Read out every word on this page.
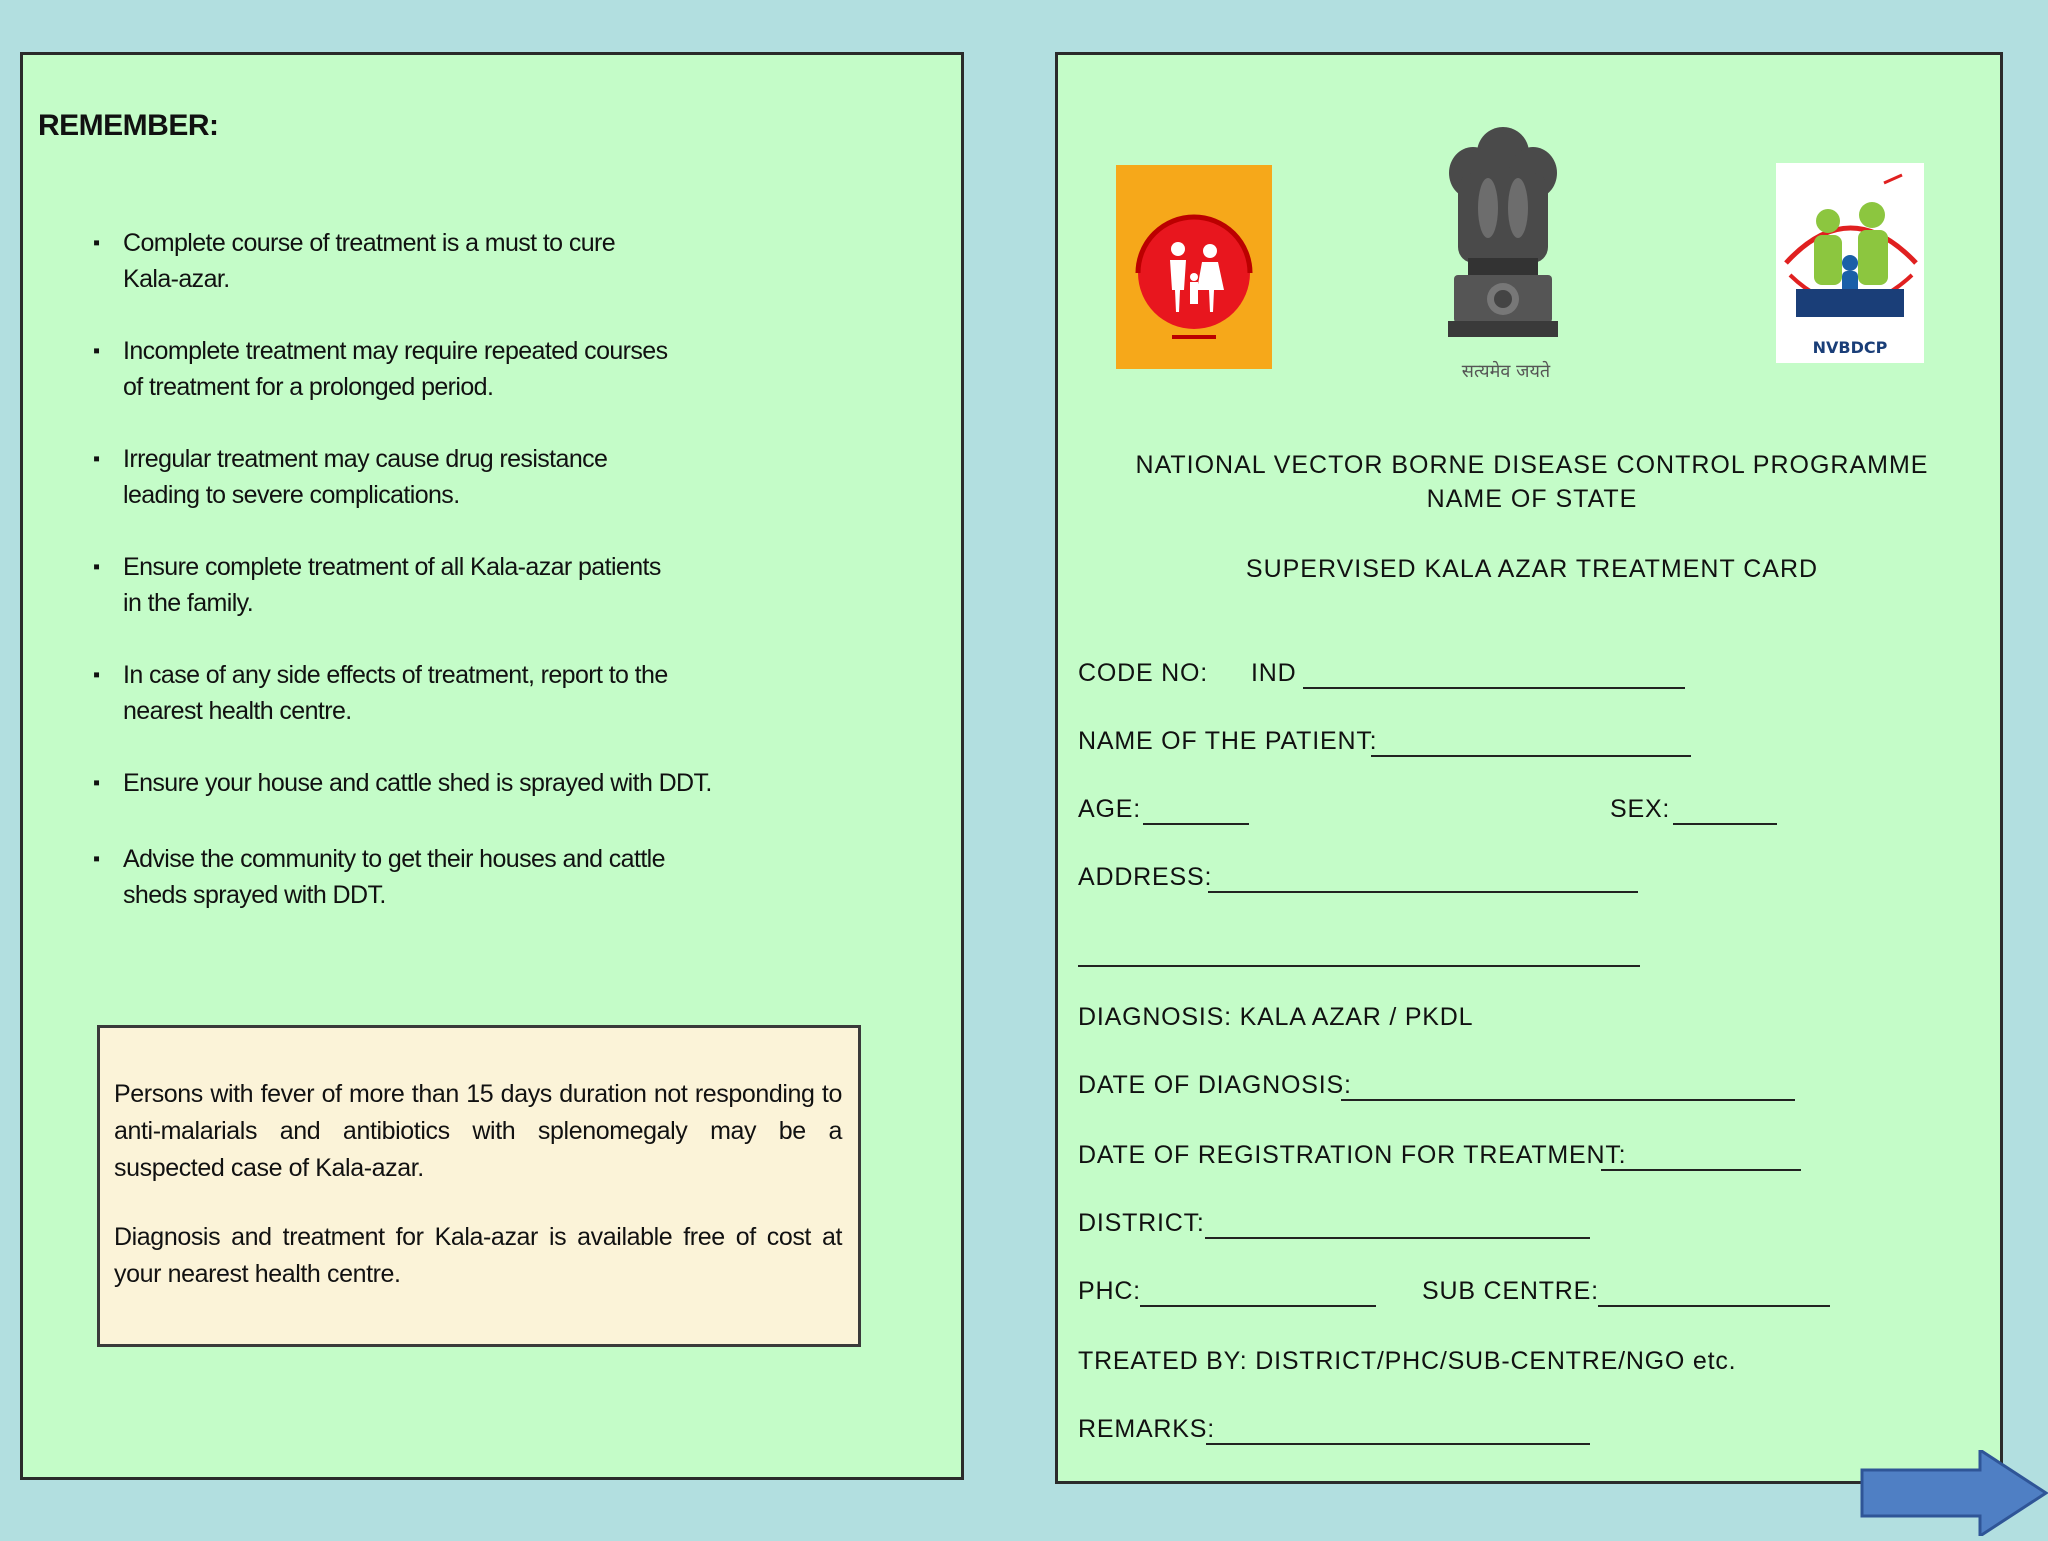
REMEMBER:
▪ Complete course of treatment is a must to cure
Kala-azar.
▪ Incomplete treatment may require repeated courses
of treatment for a prolonged period.
▪ Irregular treatment may cause drug resistance
leading to severe complications.
▪ Ensure complete treatment of all Kala-azar patients
in the family.
▪ In case of any side effects of treatment, report to the
nearest health centre.
▪ Ensure your house and cattle shed is sprayed with DDT.
▪ Advise the community to get their houses and cattle
sheds sprayed with DDT.

Persons with fever of more than 15 days duration not responding to anti-malarials and antibiotics with splenomegaly may be a suspected case of Kala-azar.

Diagnosis and treatment for Kala-azar is available free of cost at your nearest health centre.

सत्यमेव जयते
NVBDCP
NATIONAL VECTOR BORNE DISEASE CONTROL PROGRAMME
NAME OF STATE
SUPERVISED KALA AZAR TREATMENT CARD
CODE NO: IND
NAME OF THE PATIENT:
AGE:	SEX:
ADDRESS:
DIAGNOSIS: KALA AZAR / PKDL
DATE OF DIAGNOSIS:
DATE OF REGISTRATION FOR TREATMENT:
DISTRICT:
PHC:	SUB CENTRE:
TREATED BY: DISTRICT/PHC/SUB-CENTRE/NGO etc.
REMARKS:
